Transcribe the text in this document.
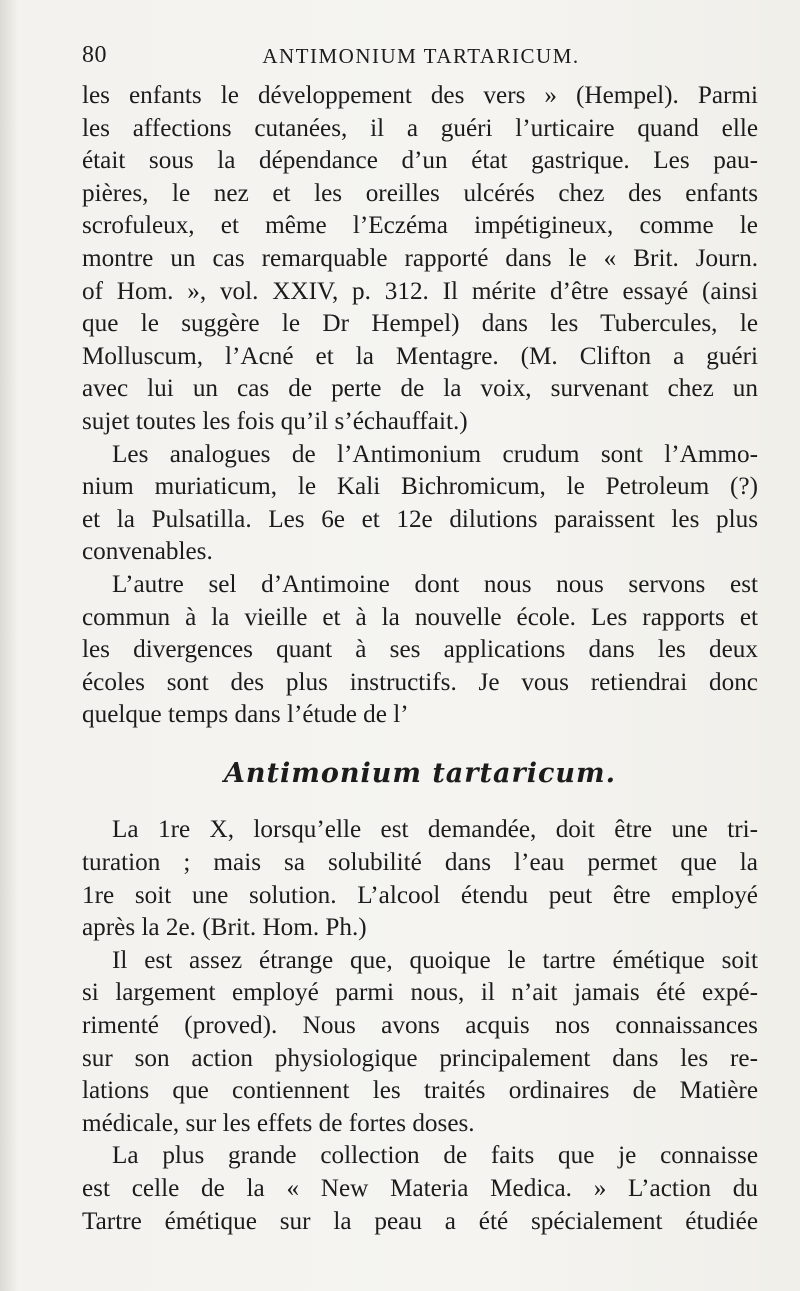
80	ANTIMONIUM TARTARICUM.
les enfants le développement des vers » (Hempel). Parmi
les affections cutanées, il a guéri l’urticaire quand elle
était sous la dépendance d’un état gastrique. Les pau-
pières, le nez et les oreilles ulcérés chez des enfants
scrofuleux, et même l’Eczéma impétigineux, comme le
montre un cas remarquable rapporté dans le « Brit. Journ.
of Hom. », vol. XXIV, p. 312. Il mérite d’être essayé (ainsi
que le suggère le Dr Hempel) dans les Tubercules, le
Molluscum, l’Acné et la Mentagre. (M. Clifton a guéri
avec lui un cas de perte de la voix, survenant chez un
sujet toutes les fois qu’il s’échauffait.)
Les analogues de l’Antimonium crudum sont l’Ammo-
nium muriaticum, le Kali Bichromicum, le Petroleum (?)
et la Pulsatilla. Les 6e et 12e dilutions paraissent les plus
convenables.
L’autre sel d’Antimoine dont nous nous servons est
commun à la vieille et à la nouvelle école. Les rapports et
les divergences quant à ses applications dans les deux
écoles sont des plus instructifs. Je vous retiendrai donc
quelque temps dans l’étude de l’
Antimonium tartaricum.
La 1re X, lorsqu’elle est demandée, doit être une tri-
turation ; mais sa solubilité dans l’eau permet que la
1re soit une solution. L’alcool étendu peut être employé
après la 2e. (Brit. Hom. Ph.)
Il est assez étrange que, quoique le tartre émétique soit
si largement employé parmi nous, il n’ait jamais été expé-
rimenté (proved). Nous avons acquis nos connaissances
sur son action physiologique principalement dans les re-
lations que contiennent les traités ordinaires de Matière
médicale, sur les effets de fortes doses.
La plus grande collection de faits que je connaisse
est celle de la « New Materia Medica. » L’action du
Tartre émétique sur la peau a été spécialement étudiée
